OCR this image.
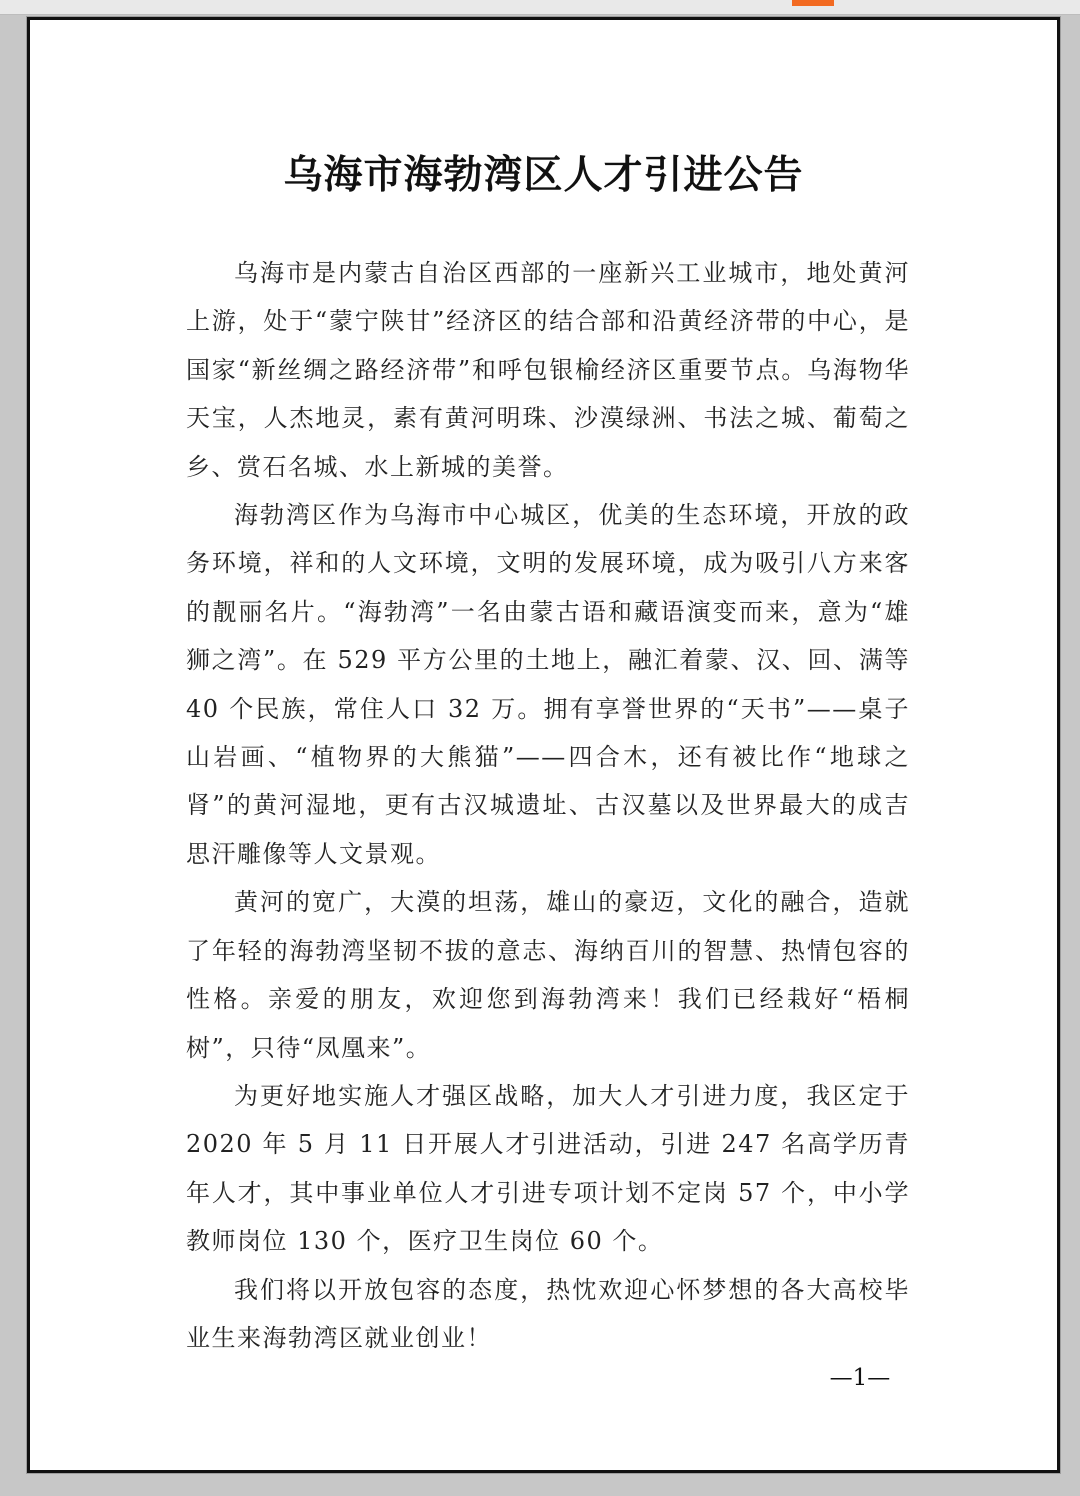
乌海市海勃湾区人才引进公告

乌海市是内蒙古自治区西部的一座新兴工业城市，地处黄河上游，处于“蒙宁陕甘”经济区的结合部和沿黄经济带的中心，是国家“新丝绸之路经济带”和呼包银榆经济区重要节点。乌海物华天宝，人杰地灵，素有黄河明珠、沙漠绿洲、书法之城、葡萄之乡、赏石名城、水上新城的美誉。

海勃湾区作为乌海市中心城区，优美的生态环境，开放的政务环境，祥和的人文环境，文明的发展环境，成为吸引八方来客的靓丽名片。“海勃湾”一名由蒙古语和藏语演变而来，意为“雄狮之湾”。在 529 平方公里的土地上，融汇着蒙、汉、回、满等 40 个民族，常住人口 32 万。拥有享誉世界的“天书”——桌子山岩画、“植物界的大熊猫”——四合木，还有被比作“地球之肾”的黄河湿地，更有古汉城遗址、古汉墓以及世界最大的成吉思汗雕像等人文景观。

黄河的宽广，大漠的坦荡，雄山的豪迈，文化的融合，造就了年轻的海勃湾坚韧不拔的意志、海纳百川的智慧、热情包容的性格。亲爱的朋友，欢迎您到海勃湾来！我们已经栽好“梧桐树”，只待“凤凰来”。

为更好地实施人才强区战略，加大人才引进力度，我区定于 2020 年 5 月 11 日开展人才引进活动，引进 247 名高学历青年人才，其中事业单位人才引进专项计划不定岗 57 个，中小学教师岗位 130 个，医疗卫生岗位 60 个。

我们将以开放包容的态度，热忱欢迎心怀梦想的各大高校毕业生来海勃湾区就业创业！

—1—
